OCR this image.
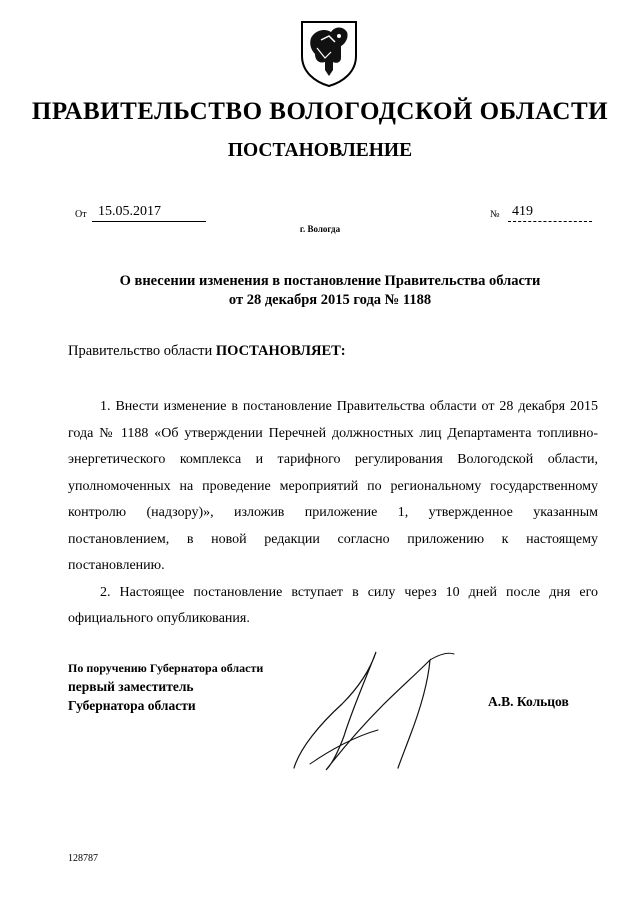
ПРАВИТЕЛЬСТВО ВОЛОГОДСКОЙ ОБЛАСТИ
ПОСТАНОВЛЕНИЕ
От 15.05.2017	№ 419
г. Вологда
О внесении изменения в постановление Правительства области
от 28 декабря 2015 года № 1188
Правительство области ПОСТАНОВЛЯЕТ:

1. Внести изменение в постановление Правительства области от 28 декабря 2015 года № 1188 «Об утверждении Перечней должностных лиц Департамента топливно-энергетического комплекса и тарифного регулирования Вологодской области, уполномоченных на проведение мероприятий по региональному государственному контролю (надзору)», изложив приложение 1, утвержденное указанным постановлением, в новой редакции согласно приложению к настоящему постановлению.

2. Настоящее постановление вступает в силу через 10 дней после дня его официального опубликования.

По поручению Губернатора области
первый заместитель
Губернатора области	А.В. Кольцов
128787
